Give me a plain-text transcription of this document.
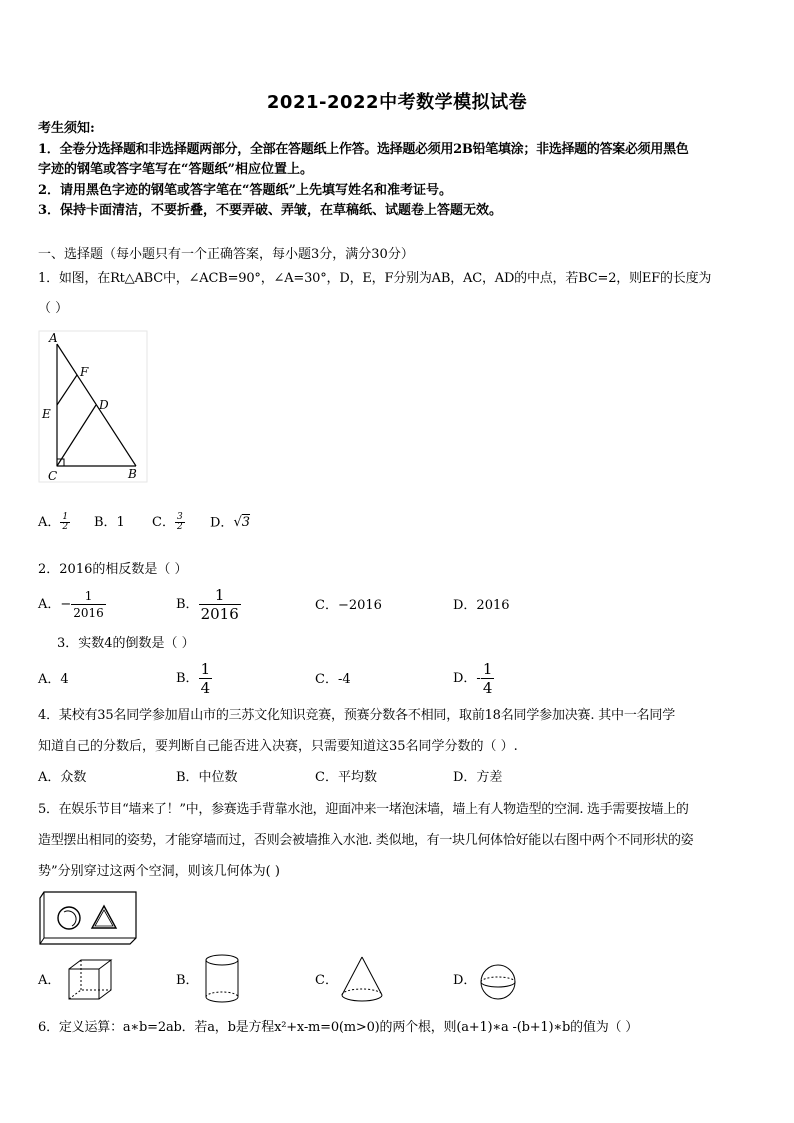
2021-2022中考数学模拟试卷
考生须知:
1．全卷分选择题和非选择题两部分，全部在答题纸上作答。选择题必须用2B铅笔填涂；非选择题的答案必须用黑色
字迹的钢笔或答字笔写在“答题纸”相应位置上。
2．请用黑色字迹的钢笔或答字笔在“答题纸”上先填写姓名和准考证号。
3．保持卡面清洁，不要折叠，不要弄破、弄皱，在草稿纸、试题卷上答题无效。
一、选择题（每小题只有一个正确答案，每小题3分，满分30分）
1．如图，在Rt△ABC中，∠ACB=90°，∠A=30°，D，E，F分别为AB，AC，AD的中点，若BC=2，则EF的长度为
（ ）
A
F
E
D
C	B
A． $\frac{1}{2}$ B．1 C． $\frac{3}{2}$ D．√3
2．2016的相反数是（ ）
A．− $\frac{1}{2016}$	B． $\frac{1}{2016}$	C．−2016	D．2016
3．实数4的倒数是（ ）
A．4	B． $\frac{1}{4}$	C．-4	D．- $\frac{1}{4}$
4．某校有35名同学参加眉山市的三苏文化知识竞赛，预赛分数各不相同，取前18名同学参加决赛. 其中一名同学
知道自己的分数后，要判断自己能否进入决赛，只需要知道这35名同学分数的（ ）.
A．众数	B．中位数	C．平均数	D．方差
5．在娱乐节目“墙来了！”中，参赛选手背靠水池，迎面冲来一堵泡沫墙，墙上有人物造型的空洞. 选手需要按墙上的
造型摆出相同的姿势，才能穿墙而过，否则会被墙推入水池. 类似地，有一块几何体恰好能以右图中两个不同形状的姿
势”分别穿过这两个空洞，则该几何体为( )
A．	B．	C．	D．
6．定义运算：a∗b=2ab．若a，b是方程x²+x-m=0(m>0)的两个根，则(a+1)∗a -(b+1)∗b的值为（ ）
